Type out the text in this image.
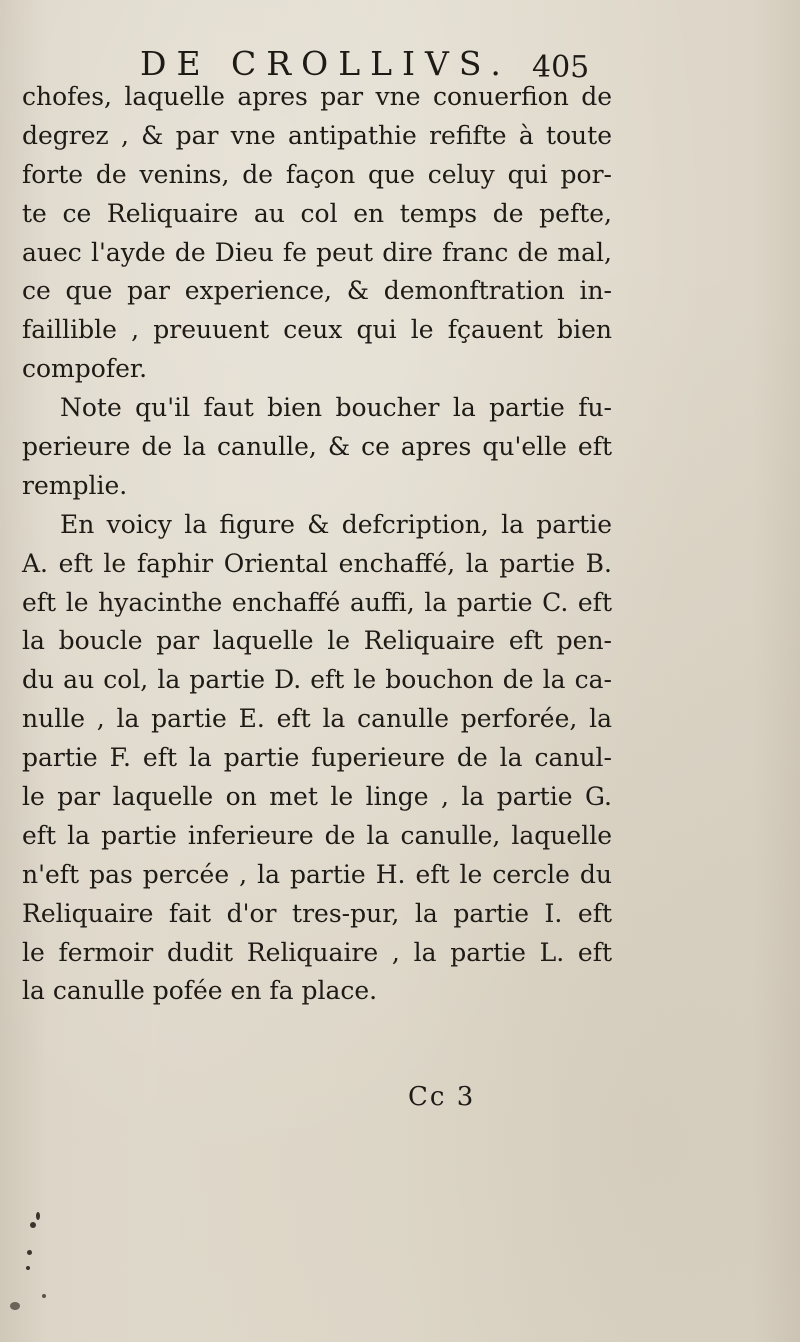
DE CROLLIVS. 405
chofes, laquelle apres par vne conuerfion de
degrez , & par vne antipathie refifte à toute
forte de venins, de façon que celuy qui por-
te ce Reliquaire au col en temps de pefte,
auec l'ayde de Dieu fe peut dire franc de mal,
ce que par experience, & demonftration in-
faillible , preuuent ceux qui le fçauent bien
compofer.
Note qu'il faut bien boucher la partie fu-
perieure de la canulle, & ce apres qu'elle eft
remplie.
En voicy la figure & defcription, la partie
A. eft le faphir Oriental enchaffé, la partie B.
eft le hyacinthe enchaffé auffi, la partie C. eft
la boucle par laquelle le Reliquaire eft pen-
du au col, la partie D. eft le bouchon de la ca-
nulle , la partie E. eft la canulle perforée, la
partie F. eft la partie fuperieure de la canul-
le par laquelle on met le linge , la partie G.
eft la partie inferieure de la canulle, laquelle
n'eft pas percée , la partie H. eft le cercle du
Reliquaire fait d'or tres-pur, la partie I. eft
le fermoir dudit Reliquaire , la partie L. eft
la canulle pofée en fa place.
Cc 3
